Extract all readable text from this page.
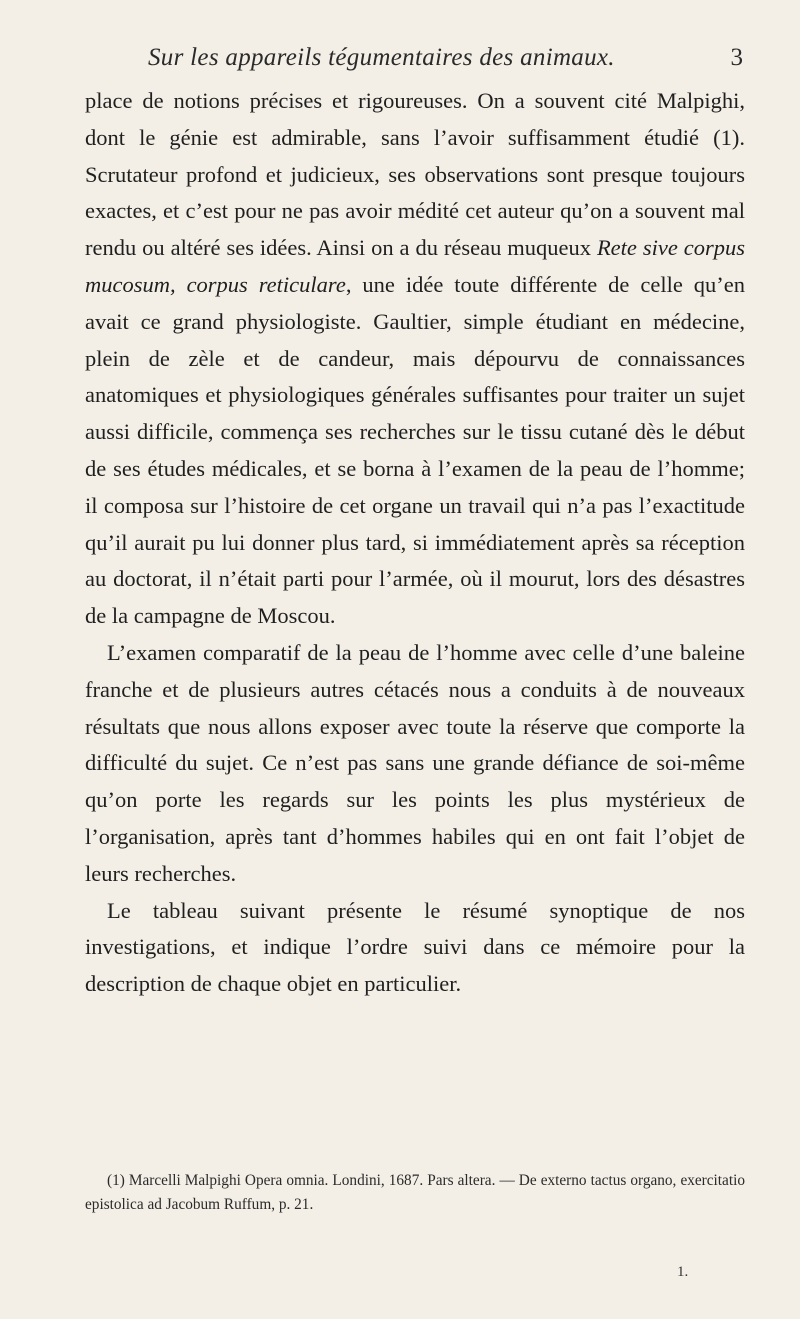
Sur les appareils tégumentaires des animaux.	3

place de notions précises et rigoureuses. On a souvent cité Malpighi, dont le génie est admirable, sans l’avoir suffisamment étudié (1). Scrutateur profond et judicieux, ses observations sont presque toujours exactes, et c’est pour ne pas avoir médité cet auteur qu’on a souvent mal rendu ou altéré ses idées. Ainsi on a du réseau muqueux Rete sive corpus mucosum, corpus reticulare, une idée toute différente de celle qu’en avait ce grand physiologiste. Gaultier, simple étudiant en médecine, plein de zèle et de candeur, mais dépourvu de connaissances anatomiques et physiologiques générales suffisantes pour traiter un sujet aussi difficile, commença ses recherches sur le tissu cutané dès le début de ses études médicales, et se borna à l’examen de la peau de l’homme; il composa sur l’histoire de cet organe un travail qui n’a pas l’exactitude qu’il aurait pu lui donner plus tard, si immédiatement après sa réception au doctorat, il n’était parti pour l’armée, où il mourut, lors des désastres de la campagne de Moscou.

L’examen comparatif de la peau de l’homme avec celle d’une baleine franche et de plusieurs autres cétacés nous a conduits à de nouveaux résultats que nous allons exposer avec toute la réserve que comporte la difficulté du sujet. Ce n’est pas sans une grande défiance de soi-même qu’on porte les regards sur les points les plus mystérieux de l’organisation, après tant d’hommes habiles qui en ont fait l’objet de leurs recherches.

Le tableau suivant présente le résumé synoptique de nos investigations, et indique l’ordre suivi dans ce mémoire pour la description de chaque objet en particulier.

(1) Marcelli Malpighi Opera omnia. Londini, 1687. Pars altera. — De externo tactus organo, exercitatio epistolica ad Jacobum Ruffum, p. 21.

1.
